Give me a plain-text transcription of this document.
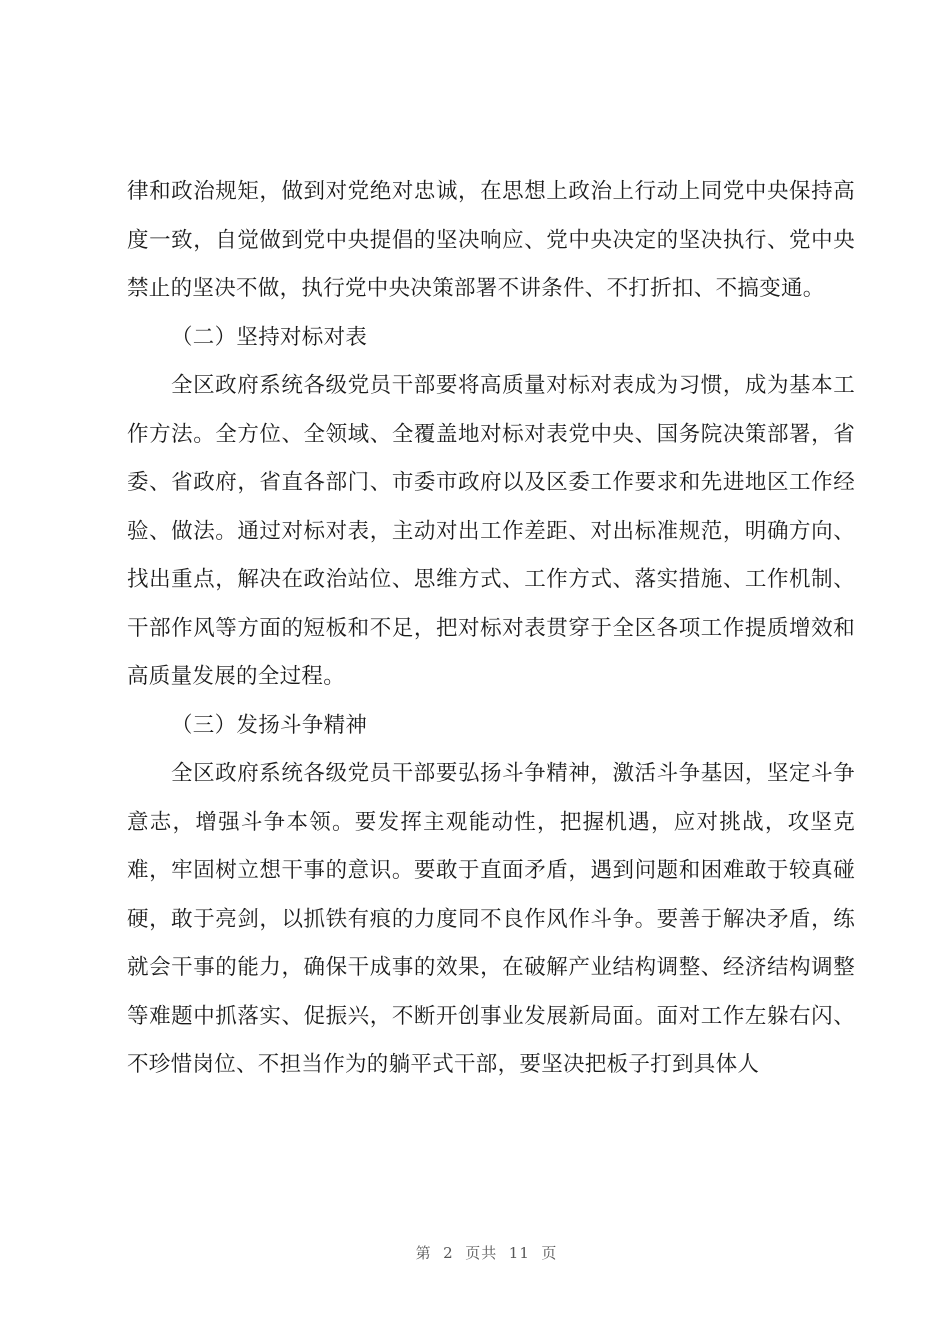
律和政治规矩，做到对党绝对忠诚，在思想上政治上行动上同党中央保持高度一致，自觉做到党中央提倡的坚决响应、党中央决定的坚决执行、党中央禁止的坚决不做，执行党中央决策部署不讲条件、不打折扣、不搞变通。

（二）坚持对标对表

全区政府系统各级党员干部要将高质量对标对表成为习惯，成为基本工作方法。全方位、全领域、全覆盖地对标对表党中央、国务院决策部署，省委、省政府，省直各部门、市委市政府以及区委工作要求和先进地区工作经验、做法。通过对标对表，主动对出工作差距、对出标准规范，明确方向、找出重点，解决在政治站位、思维方式、工作方式、落实措施、工作机制、干部作风等方面的短板和不足，把对标对表贯穿于全区各项工作提质增效和高质量发展的全过程。

（三）发扬斗争精神

全区政府系统各级党员干部要弘扬斗争精神，激活斗争基因，坚定斗争意志，增强斗争本领。要发挥主观能动性，把握机遇，应对挑战，攻坚克难，牢固树立想干事的意识。要敢于直面矛盾，遇到问题和困难敢于较真碰硬，敢于亮剑，以抓铁有痕的力度同不良作风作斗争。要善于解决矛盾，练就会干事的能力，确保干成事的效果，在破解产业结构调整、经济结构调整等难题中抓落实、促振兴，不断开创事业发展新局面。面对工作左躲右闪、不珍惜岗位、不担当作为的躺平式干部，要坚决把板子打到具体人

第  2  页共  11  页
